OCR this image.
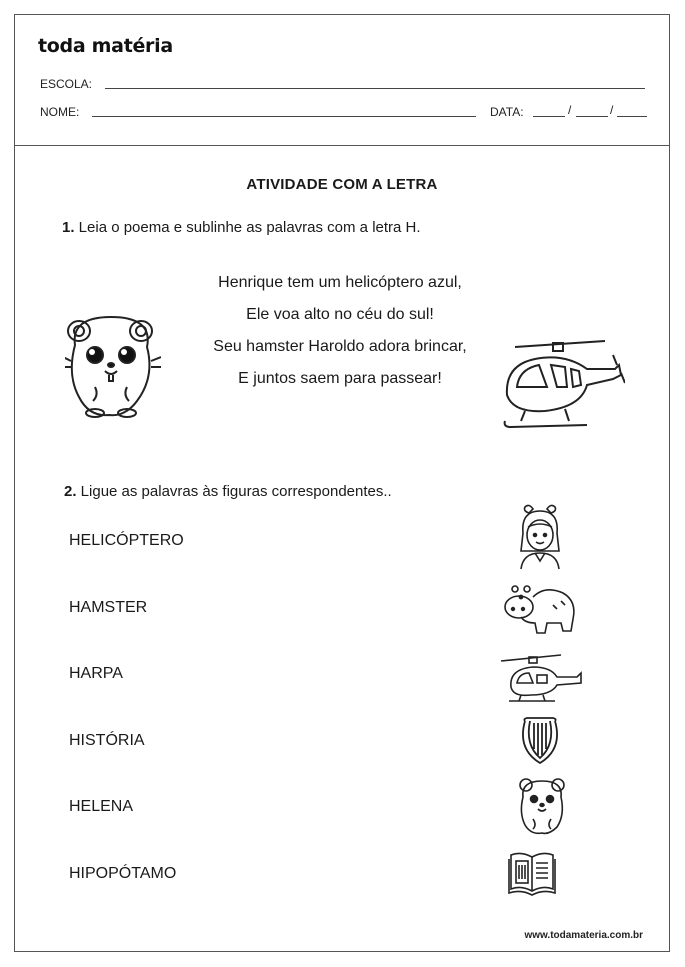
toda matéria
ESCOLA:
NOME:	DATA:	/	/
ATIVIDADE COM A LETRA
1. Leia o poema e sublinhe as palavras com a letra H.
Henrique tem um helicóptero azul,
Ele voa alto no céu do sul!
Seu hamster Haroldo adora brincar,
E juntos saem para passear!
2. Ligue as palavras às figuras correspondentes..
HELICÓPTERO
HAMSTER
HARPA
HISTÓRIA
HELENA
HIPOPÓTAMO
www.todamateria.com.br
